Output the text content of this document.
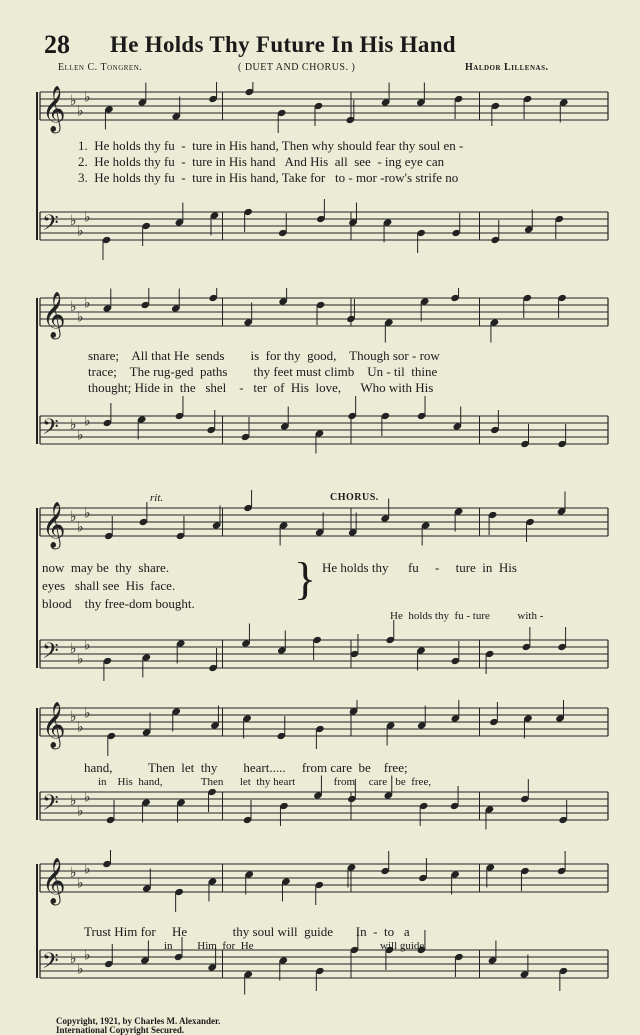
28 He Holds Thy Future In His Hand
Ellen C. Tongren.	( DUET AND CHORUS. )	Haldor Lillenas.
𝄞 ♭
♭
♭
𝄢 ♭
♭
♭
1.  He holds thy fu  -  ture in His hand, Then why should fear thy soul en -
2.  He holds thy fu  -  ture in His hand   And His  all  see  - ing eye can
3.  He holds thy fu  -  ture in His hand, Take for   to - mor -row's strife no
𝄞 ♭
♭
♭
𝄢 ♭
♭
♭
snare;    All that He  sends        is  for thy  good,    Though sor - row
trace;    The rug-ged  paths        thy feet must climb    Un - til  thine
thought; Hide in  the   shel    -   ter  of  His  love,      Who with His
𝄞 ♭
♭
♭
𝄢 ♭
♭
♭
rit.	CHORUS.
now  may be  thy  share.
eyes   shall see  His  face.
blood    thy free-dom bought. } He holds thy      fu     -     ture  in  His
He  holds thy  fu - ture          with -
𝄞 ♭
♭
♭
𝄢 ♭
♭
♭
hand,           Then  let  thy        heart.....     from care  be    free;
in    His  hand,              Then      let  thy heart              from     care   be  free,
𝄞 ♭
♭
♭
𝄢 ♭
♭
♭
Trust Him for     He              thy soul will  guide       In  -  to   a
in         Him  for  He                                              will guide
Copyright, 1921, by Charles M. Alexander.
International Copyright Secured.
